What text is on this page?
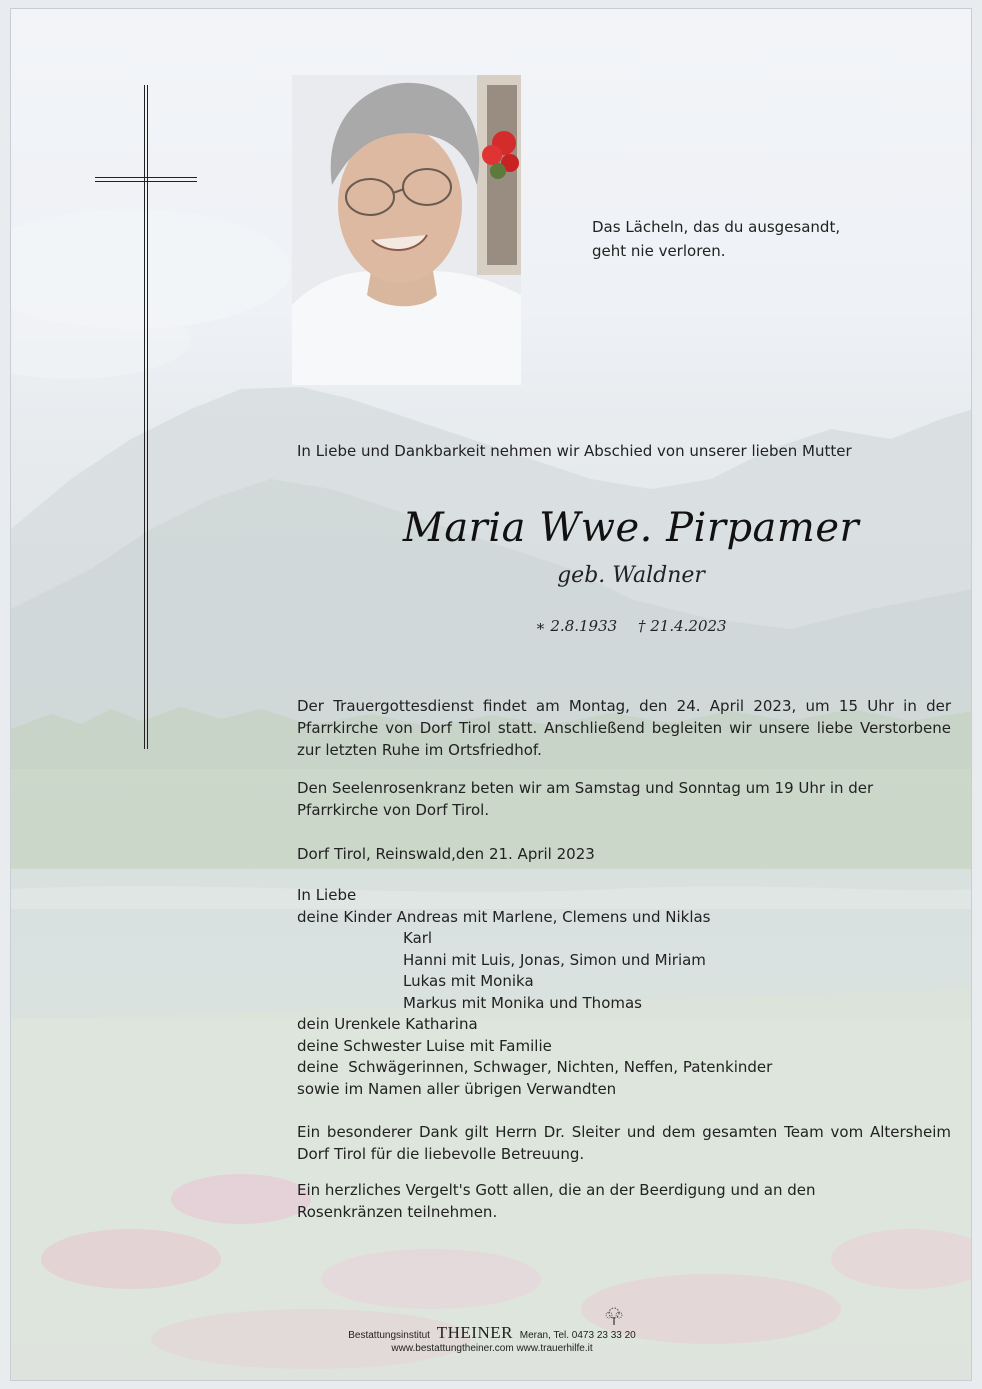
Das Lächeln, das du ausgesandt,
geht nie verloren.
In Liebe und Dankbarkeit nehmen wir Abschied von unserer lieben Mutter
Maria Wwe. Pirpamer
geb. Waldner
∗ 2.8.1933 † 21.4.2023
Der Trauergottesdienst findet am Montag, den 24. April 2023, um 15 Uhr in der Pfarrkirche von Dorf Tirol statt. Anschließend begleiten wir unsere liebe Verstorbene zur letzten Ruhe im Ortsfriedhof.
Den Seelenrosenkranz beten wir am Samstag und Sonntag um 19 Uhr in der Pfarrkirche von Dorf Tirol.
Dorf Tirol, Reinswald,den 21. April 2023
In Liebe
deine Kinder Andreas mit Marlene, Clemens und Niklas
Karl
Hanni mit Luis, Jonas, Simon und Miriam
Lukas mit Monika
Markus mit Monika und Thomas
dein Urenkele Katharina
deine Schwester Luise mit Familie
deine  Schwägerinnen, Schwager, Nichten, Neffen, Patenkinder
sowie im Namen aller übrigen Verwandten
Ein besonderer Dank gilt Herrn Dr. Sleiter und dem gesamten Team vom Altersheim Dorf Tirol für die liebevolle Betreuung.
Ein herzliches Vergelt's Gott allen, die an der Beerdigung und an den Rosenkränzen teilnehmen.
Bestattungsinstitut THEINER Meran, Tel. 0473 23 33 20
www.bestattungtheiner.com www.trauerhilfe.it
